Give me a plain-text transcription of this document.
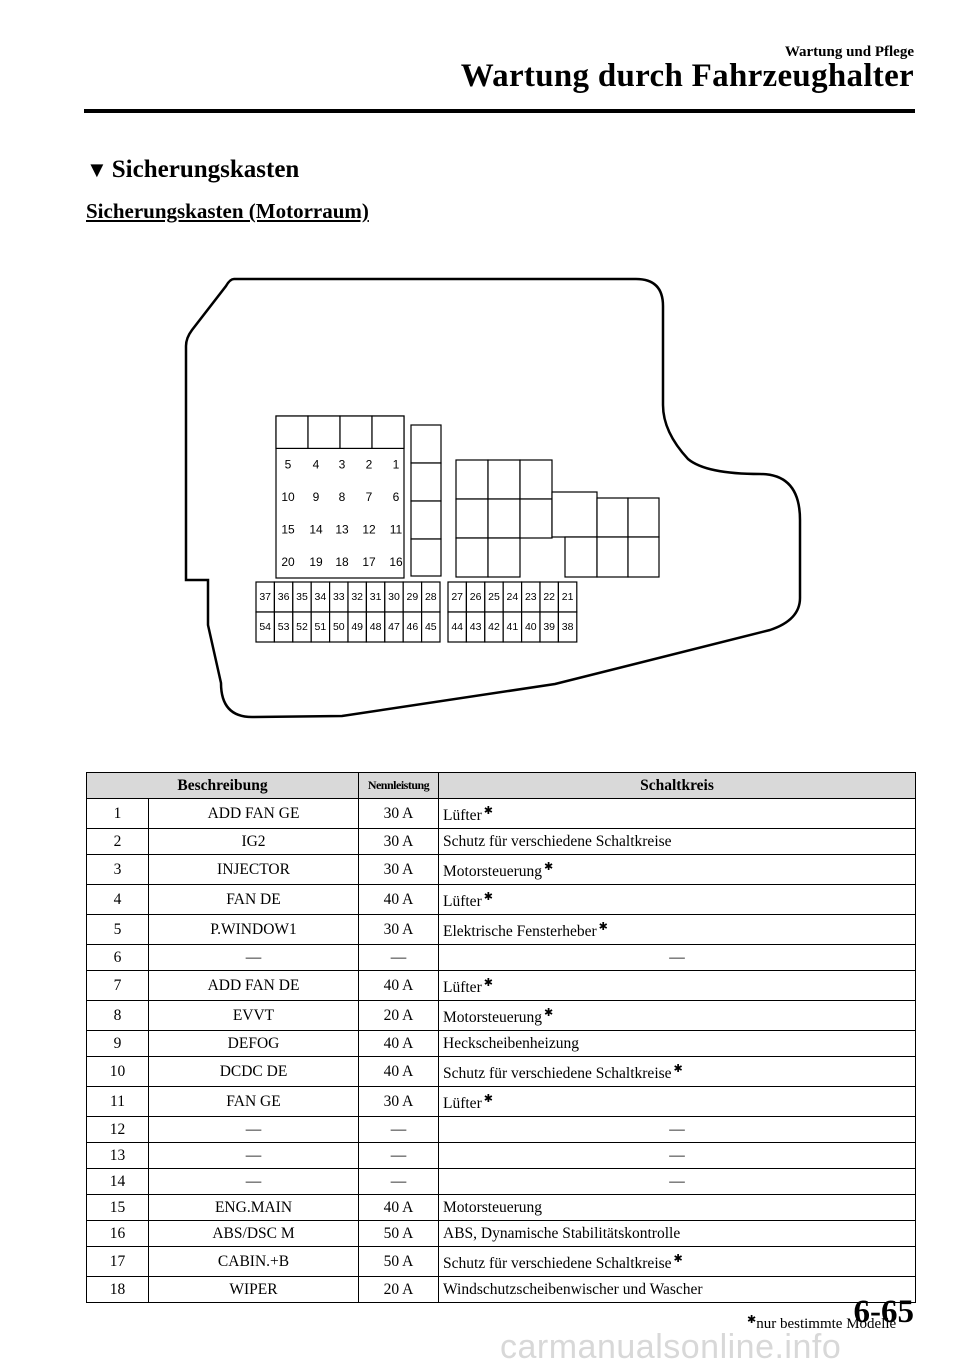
Wartung und Pflege
Wartung durch Fahrzeughalter
▼ Sicherungskasten
Sicherungskasten (Motorraum)
5 4 3 2 1
10 9 8 7 6
15 14 13 12 11
20 19 18 17 16
37
54
36
53
35
52
34
51
33
50
32
49
31
48
30
47
29
46
28
45
27
44
26
43
25
42
24
41
23
40
22
39
21
38
Beschreibung		Nennleistung	Schaltkreis
1	ADD FAN GE	30 A	Lüfter ✱
2	IG2	30 A	Schutz für verschiedene Schaltkreise
3	INJECTOR	30 A	Motorsteuerung ✱
4	FAN DE	40 A	Lüfter ✱
5	P.WINDOW1	30 A	Elektrische Fensterheber ✱
6	—	—	—
7	ADD FAN DE	40 A	Lüfter ✱
8	EVVT	20 A	Motorsteuerung ✱
9	DEFOG	40 A	Heckscheibenheizung
10	DCDC DE	40 A	Schutz für verschiedene Schaltkreise ✱
11	FAN GE	30 A	Lüfter ✱
12	—	—	—
13	—	—	—
14	—	—	—
15	ENG.MAIN	40 A	Motorsteuerung
16	ABS/DSC M	50 A	ABS, Dynamische Stabilitätskontrolle
17	CABIN.+B	50 A	Schutz für verschiedene Schaltkreise ✱
18	WIPER	20 A	Windschutzscheibenwischer und Wascher
✱nur bestimmte Modelle
6-65
carmanualsonline.info
